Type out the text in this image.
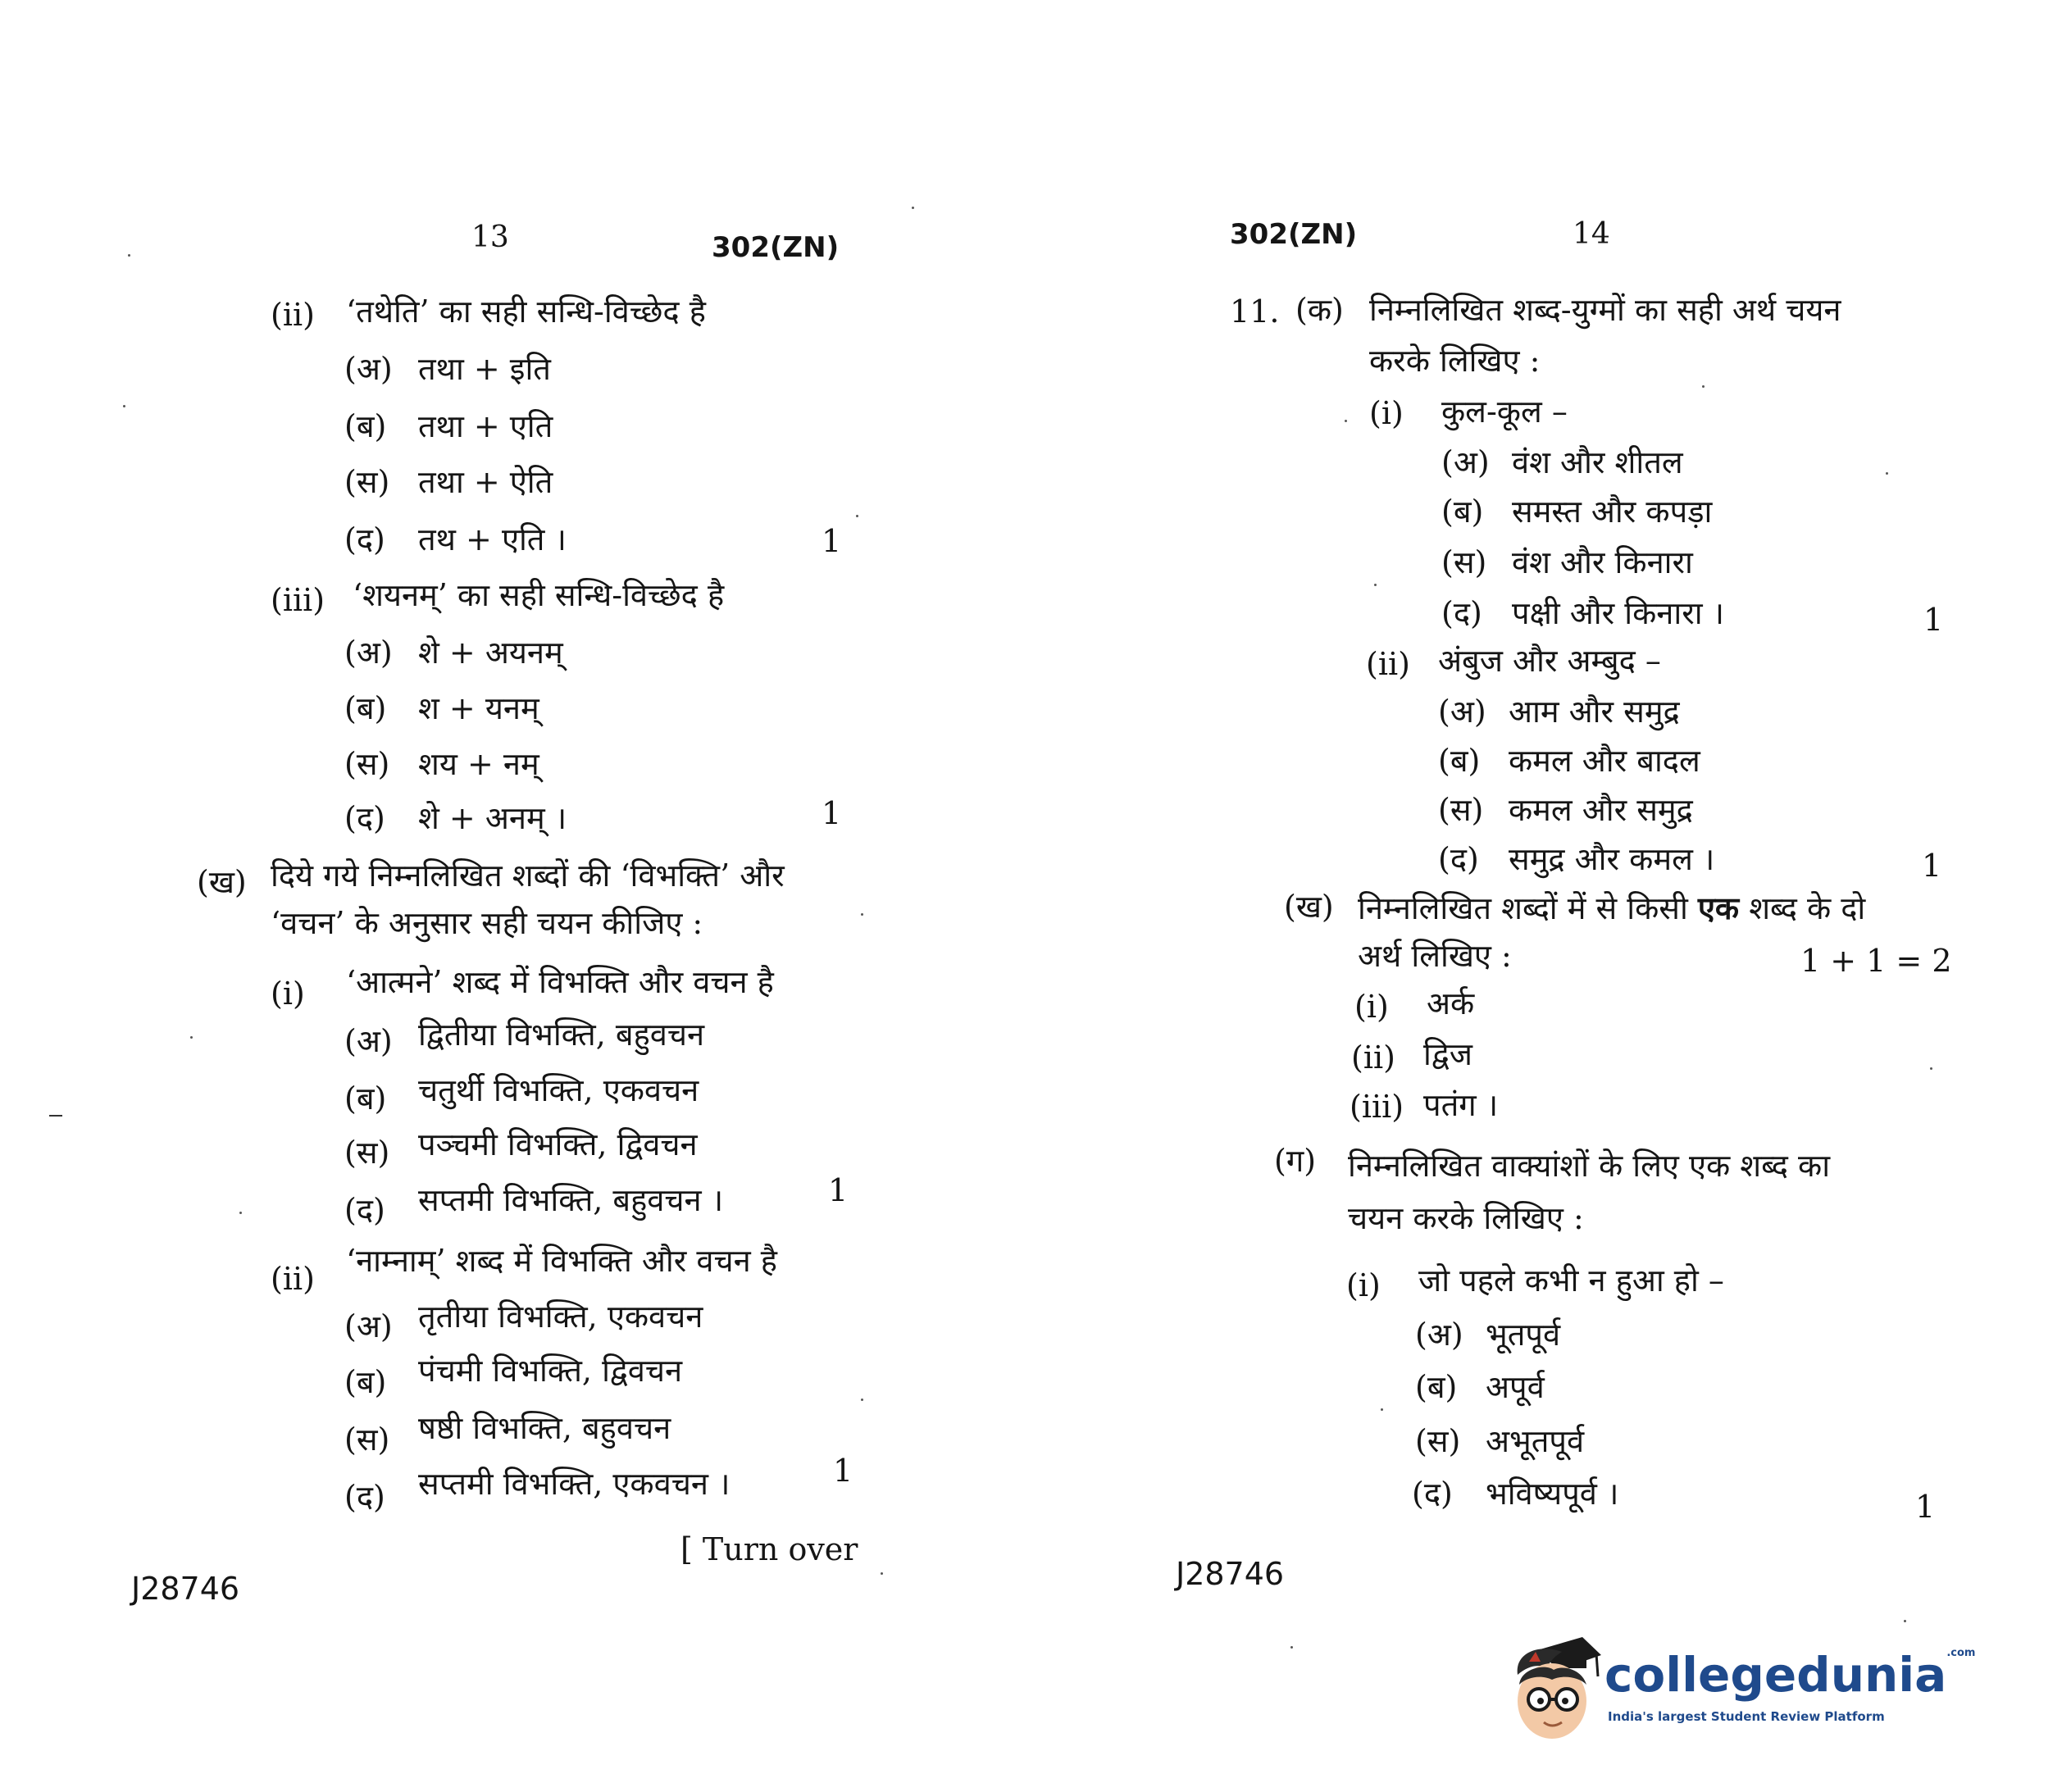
13	302(ZN)
(ii) ‘तथेति’ का सही सन्धि-विच्छेद है
(अ) तथा + इति
(ब) तथा + एति
(स) तथा + ऐति
(द) तथ + एति ।	1
(iii) ‘शयनम्’ का सही सन्धि-विच्छेद है
(अ) शे + अयनम्
(ब) श + यनम्
(स) शय + नम्
(द) शे + अनम् ।	1
(ख) दिये गये निम्नलिखित शब्दों की ‘विभक्ति’ और
‘वचन’ के अनुसार सही चयन कीजिए :
(i) ‘आत्मने’ शब्द में विभक्ति और वचन है
(अ) द्वितीया विभक्ति, बहुवचन
(ब) चतुर्थी विभक्ति, एकवचन
(स) पञ्चमी विभक्ति, द्विवचन
(द) सप्तमी विभक्ति, बहुवचन ।	1
(ii) ‘नाम्नाम्’ शब्द में विभक्ति और वचन है
(अ) तृतीया विभक्ति, एकवचन
(ब) पंचमी विभक्ति, द्विवचन
(स) षष्ठी विभक्ति, बहुवचन
(द) सप्तमी विभक्ति, एकवचन ।	1
[ Turn over
J28746
302(ZN)	14
11. (क) निम्नलिखित शब्द-युग्मों का सही अर्थ चयन
करके लिखिए :
(i) कुल-कूल –
(अ) वंश और शीतल
(ब) समस्त और कपड़ा
(स) वंश और किनारा
(द) पक्षी और किनारा ।	1
(ii) अंबुज और अम्बुद –
(अ) आम और समुद्र
(ब) कमल और बादल
(स) कमल और समुद्र
(द) समुद्र और कमल ।	1
(ख) निम्नलिखित शब्दों में से किसी एक शब्द के दो
अर्थ लिखिए :	1 + 1 = 2
(i) अर्क
(ii) द्विज
(iii) पतंग ।
(ग) निम्नलिखित वाक्यांशों के लिए एक शब्द का
चयन करके लिखिए :
(i) जो पहले कभी न हुआ हो –
(अ) भूतपूर्व
(ब) अपूर्व
(स) अभूतपूर्व
(द) भविष्यपूर्व ।	1
J28746
collegedunia$^{.com}$
India's largest Student Review Platform
